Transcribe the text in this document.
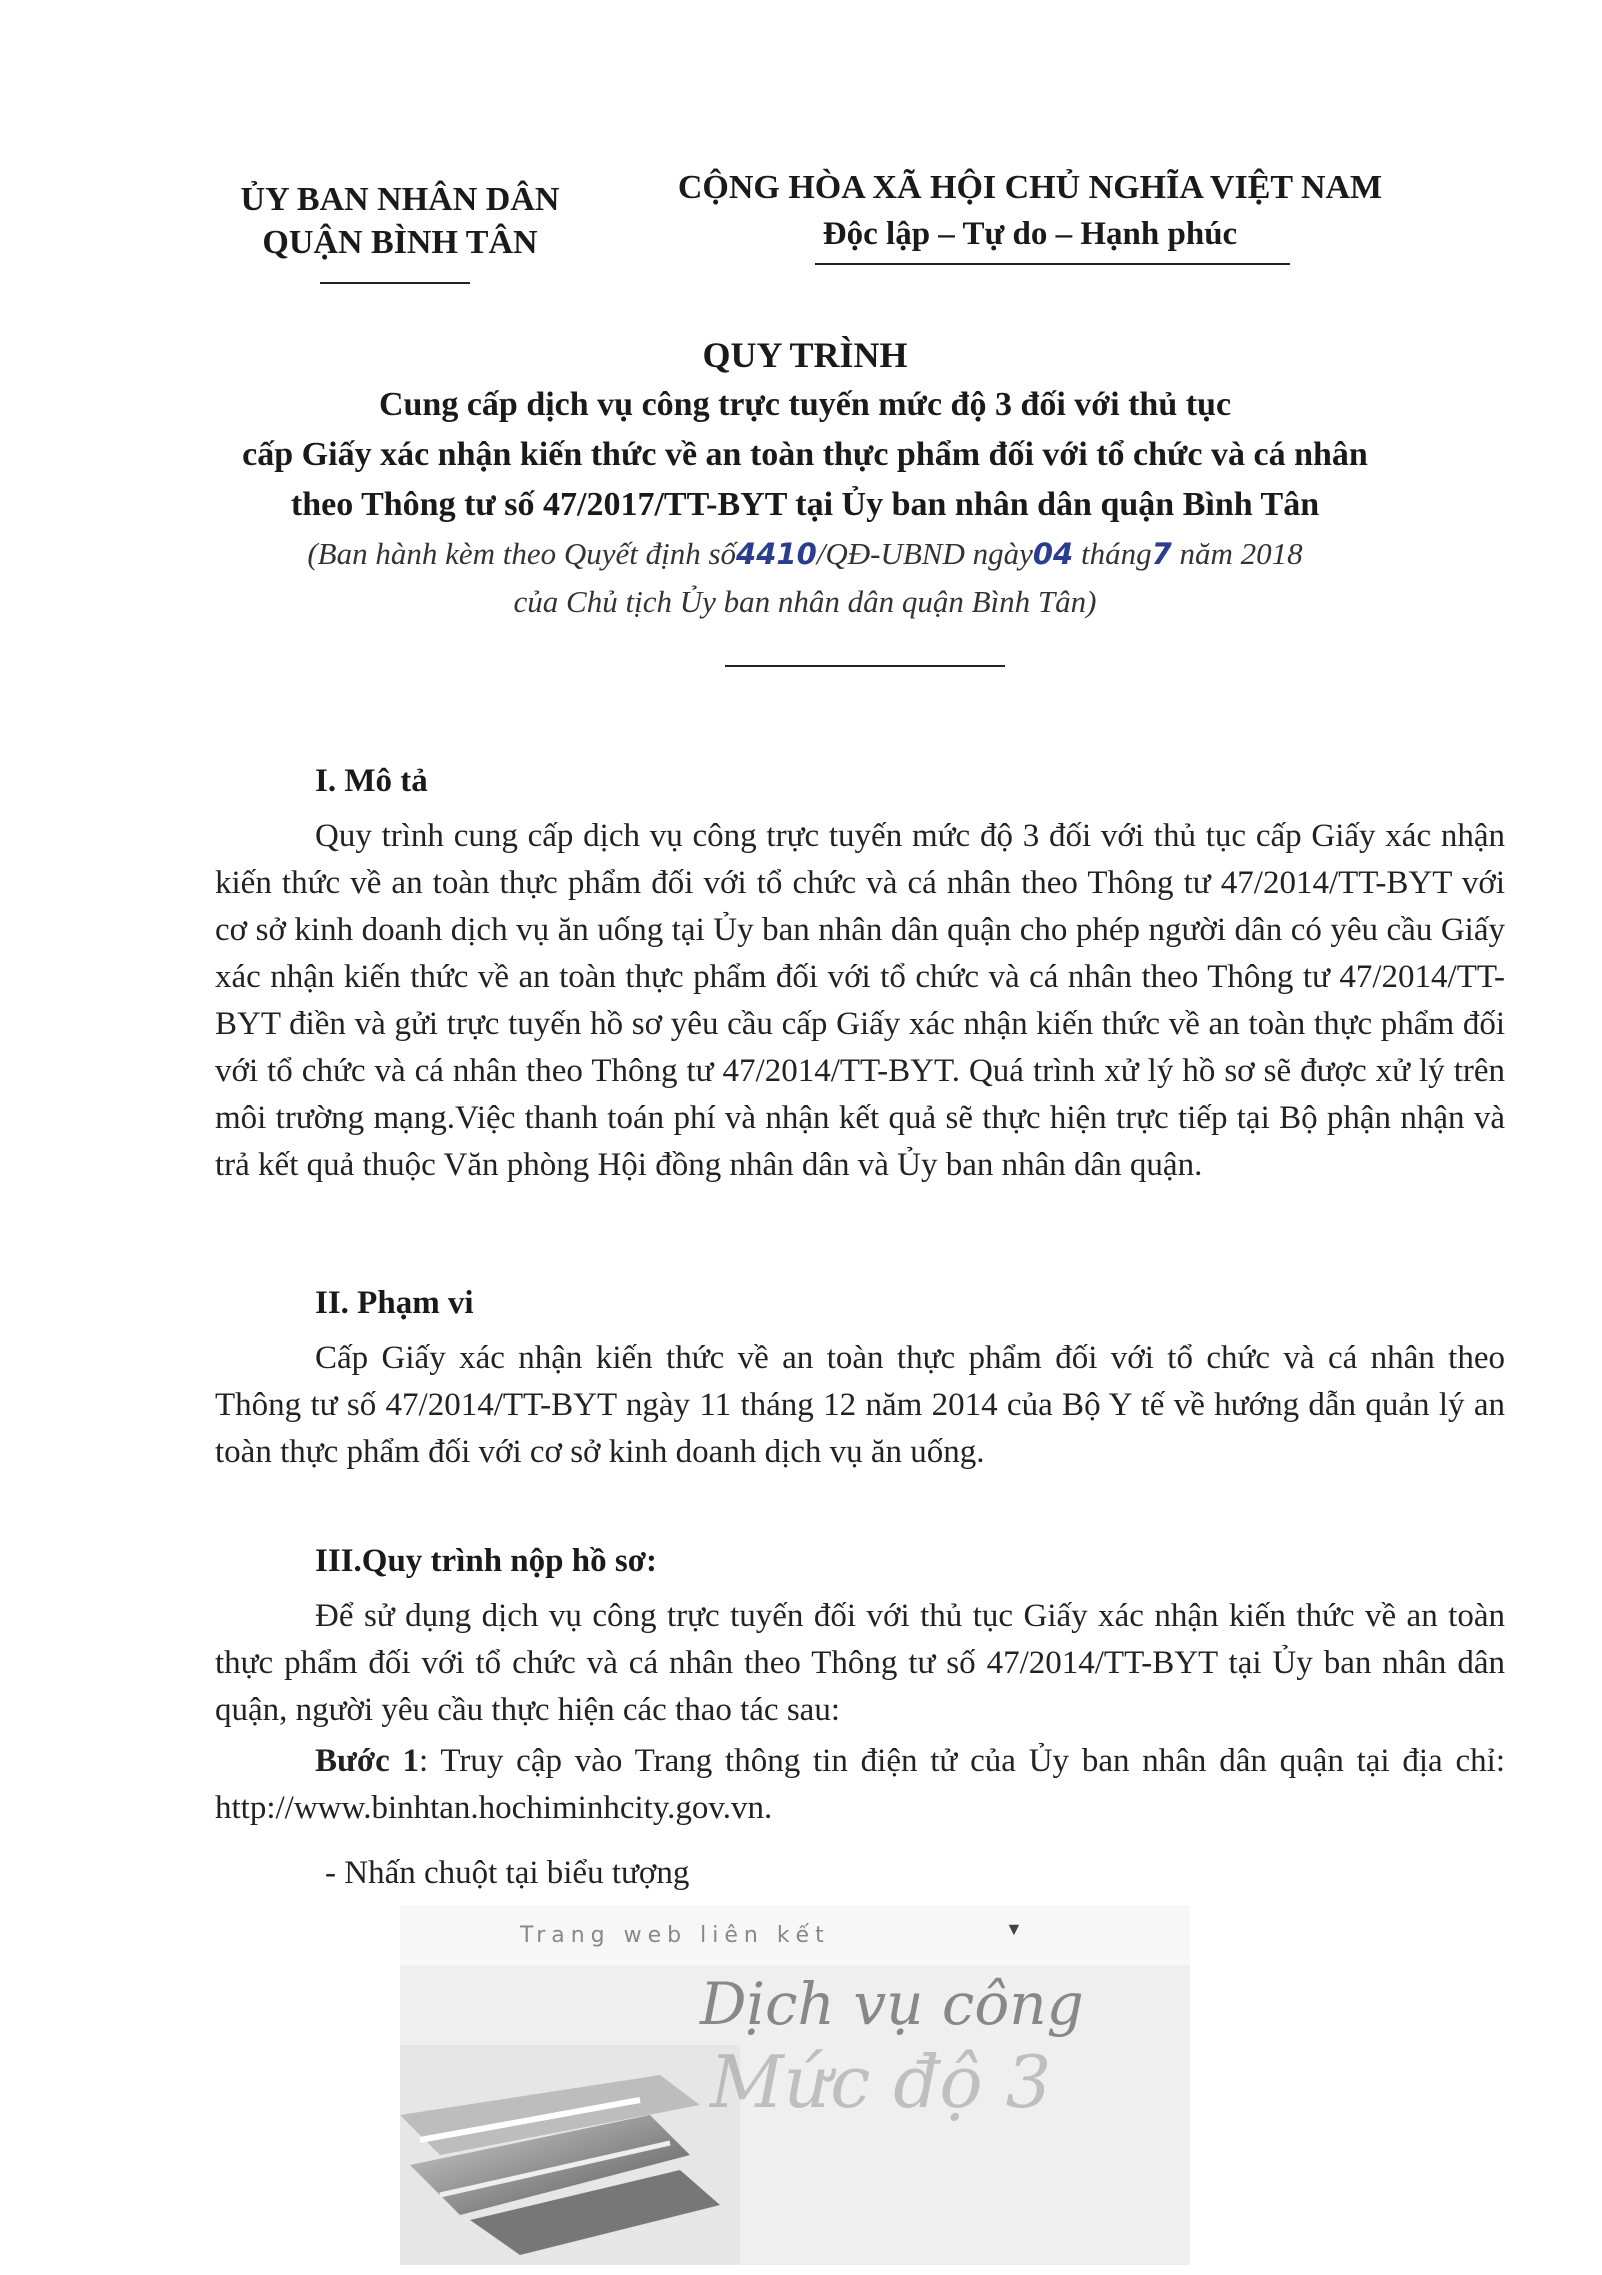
ỦY BAN NHÂN DÂN
QUẬN BÌNH TÂN
CỘNG HÒA XÃ HỘI CHỦ NGHĨA VIỆT NAM
Độc lập – Tự do – Hạnh phúc
QUY TRÌNH
Cung cấp dịch vụ công trực tuyến mức độ 3 đối với thủ tục
cấp Giấy xác nhận kiến thức về an toàn thực phẩm đối với tổ chức và cá nhân
theo Thông tư số 47/2017/TT-BYT tại Ủy ban nhân dân quận Bình Tân
(Ban hành kèm theo Quyết định số4410/QĐ-UBND ngày04 tháng7 năm 2018
của Chủ tịch Ủy ban nhân dân quận Bình Tân)
I. Mô tả
Quy trình cung cấp dịch vụ công trực tuyến mức độ 3 đối với thủ tục cấp Giấy xác nhận kiến thức về an toàn thực phẩm đối với tổ chức và cá nhân theo Thông tư 47/2014/TT-BYT với cơ sở kinh doanh dịch vụ ăn uống tại Ủy ban nhân dân quận cho phép người dân có yêu cầu Giấy xác nhận kiến thức về an toàn thực phẩm đối với tổ chức và cá nhân theo Thông tư 47/2014/TT-BYT điền và gửi trực tuyến hồ sơ yêu cầu cấp Giấy xác nhận kiến thức về an toàn thực phẩm đối với tổ chức và cá nhân theo Thông tư 47/2014/TT-BYT. Quá trình xử lý hồ sơ sẽ được xử lý trên môi trường mạng.Việc thanh toán phí và nhận kết quả sẽ thực hiện trực tiếp tại Bộ phận nhận và trả kết quả thuộc Văn phòng Hội đồng nhân dân và Ủy ban nhân dân quận.
II. Phạm vi
Cấp Giấy xác nhận kiến thức về an toàn thực phẩm đối với tổ chức và cá nhân theo Thông tư số 47/2014/TT-BYT ngày 11 tháng 12 năm 2014 của Bộ Y tế về hướng dẫn quản lý an toàn thực phẩm đối với cơ sở kinh doanh dịch vụ ăn uống.
III.Quy trình nộp hồ sơ:
Để sử dụng dịch vụ công trực tuyến đối với thủ tục Giấy xác nhận kiến thức về an toàn thực phẩm đối với tổ chức và cá nhân theo Thông tư số 47/2014/TT-BYT tại Ủy ban nhân dân quận, người yêu cầu thực hiện các thao tác sau:
Bước 1: Truy cập vào Trang thông tin điện tử của Ủy ban nhân dân quận tại địa chỉ: http://www.binhtan.hochiminhcity.gov.vn.
- Nhấn chuột tại biểu tượng
Trang web liên kết	▼
Dịch vụ công
Mức độ 3
